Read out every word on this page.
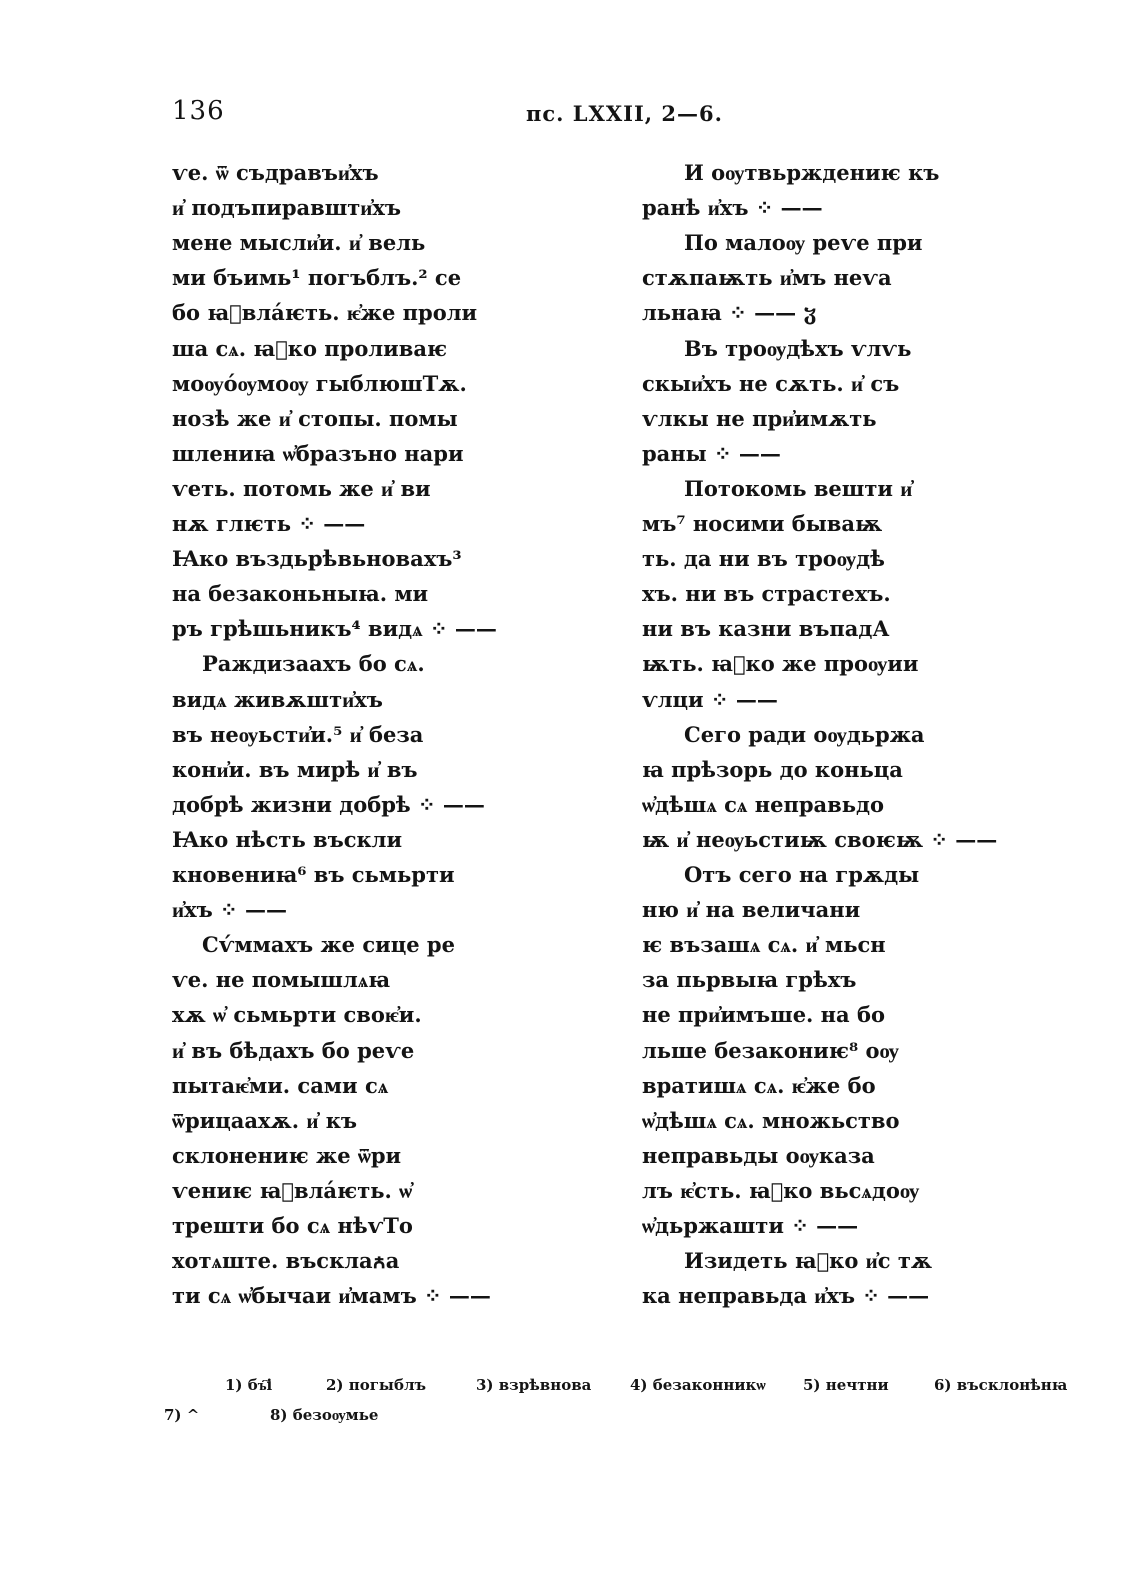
136	пс. LXXII, 2—6.
ѵе. ѿ съдравъи҆хъ
и҆ подъпиравшти҆хъ
мене мысли҆и. и҆ вель
ми бъимь¹ погъблъ.² се
бо ꙗ҆вла́ѥть. ѥ҆же проли
ша сѧ. ꙗ҆ко проливаѥ
моѹо́ѹмоѹ гыблюшТѫ.
нозѣ же и҆ стопы. помы
шлениꙗ ѡ҆бразъно нари
ѵеть. потомь же и҆ ви
нѫ глѥть ⁘ ——
Ꙗко въздьрѣвьновахъ³
на безаконьныꙗ. ми
ръ грѣшьникъ⁴ видѧ ⁘ ——
Раждизаахъ бо сѧ.
видѧ живѫшти҆хъ
въ неѹьсти҆и.⁵ и҆ беза
кони҆и. въ мирѣ и҆ въ
добрѣ жизни добрѣ ⁘ ——
Ꙗко нѣсть въскли
кновениꙗ⁶ въ сьмьрти
и҆хъ ⁘ ——
Сѵ́ммахъ же сице ре
ѵе. не помышлѧꙗ
хѫ ѡ҆ сьмьрти своѥ҆и.
и҆ въ бѣдахъ бо реѵе
пытаѥ҆ми. сами сѧ
ѿрицаахѫ. и҆ къ
склонениѥ же ѿри
ѵениѥ ꙗ҆вла́ѥть. ѡ҆
трешти бо сѧ нѣѵТо
хотѧште. въсклаꙉа
ти сѧ ѡ҆бычаи и҆мамъ ⁘ ——
И оѹтвьрждениѥ къ
ранѣ и҆хъ ⁘ ——
По малоѹ реѵе при
стѫпаѭть и҆мъ неѵа
льнаꙗ ⁘ —— ჳ
Въ троѹдѣхъ ѵлѵь
скыи҆хъ не сѫть. и҆ съ
ѵлкы не при҆имѫть
раны ⁘ ——
Потокомь вешти и҆
мъ⁷ носими бываѭ
ть. да ни въ троѹдѣ
хъ. ни въ страстехъ.
ни въ казни въпадА
ѭть. ꙗ҆ко же проѹии
ѵлци ⁘ ——
Сего ради оѹдьржа
ꙗ прѣзорь до коньца
ѡ҆дѣшѧ сѧ неправьдо
ѭ и҆ неѹьстиѭ своѥѭ ⁘ ——
Отъ сего на грѫды
ню и҆ на величани
ѥ възашѧ сѧ. и҆ мьсн
за пьрвыꙗ грѣхъ
не при҆имъше. на бо
льше безакониѥ⁸ оѹ
вратишѧ сѧ. ѥ҆же бо
ѡ҆дѣшѧ сѧ. множьство
неправьды оѹказа
лъ ѥ҆сть. ꙗ҆ко вьсѧдоѹ
ѡ҆дьржашти ⁘ ——
Изидеть ꙗ҆ко и҆с тѫ
ка неправьда и҆хъ ⁘ ——
1) бъ҇і	2) погыблъ	3) взрѣвнова	4) безаконникѡ 5) нечтни	6) въсклонѣнꙗ
7) ^	8) безоѹмье
